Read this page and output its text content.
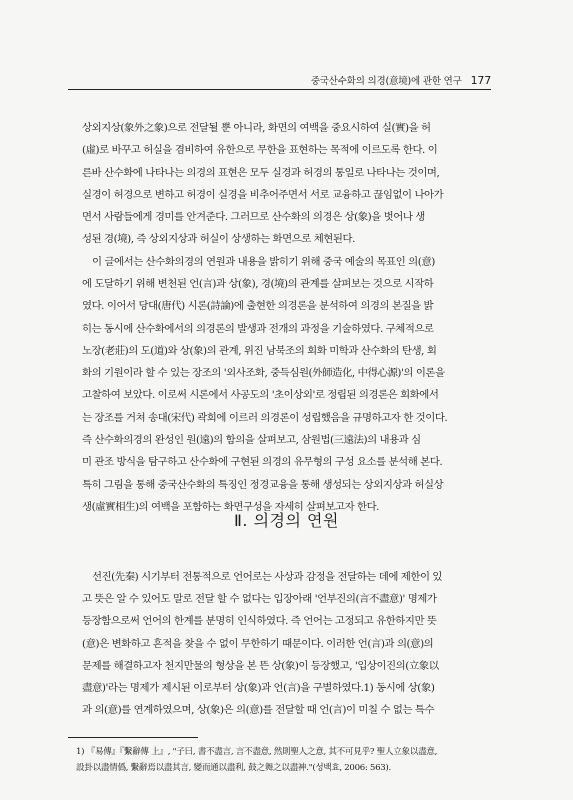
중국산수화의 의경(意境)에 관한 연구 177

상외지상(象外之象)으로 전달될 뿐 아니라, 화면의 여백을 중요시하여 실(實)을 허
(虛)로 바꾸고 허실을 겸비하여 유한으로 무한을 표현하는 목적에 이르도록 한다. 이
른바 산수화에 나타나는 의경의 표현은 모두 실경과 허경의 통일로 나타나는 것이며,
실경이 허경으로 변하고 허경이 실경을 비추어주면서 서로 교융하고 끊임없이 나아가
면서 사람들에게 경미를 안겨준다. 그러므로 산수화의 의경은 상(象)을 벗어나 생
성된 경(境), 즉 상외지상과 허실이 상생하는 화면으로 체현된다.

이 글에서는 산수화의경의 연원과 내용을 밝히기 위해 중국 예술의 목표인 의(意)

에 도달하기 위해 변천된 언(言)과 상(象), 경(境)의 관계를 살펴보는 것으로 시작하
였다. 이어서 당대(唐代) 시론(詩論)에 출현한 의경론을 분석하여 의경의 본질을 밝
히는 동시에 산수화에서의 의경론의 발생과 전개의 과정을 기술하였다. 구체적으로
노장(老莊)의 도(道)와 상(象)의 관계, 위진 남북조의 회화 미학과 산수화의 탄생, 회
화의 기원이라 할 수 있는 장조의 '외사조화, 중득심원(外師造化, 中得心源)'의 이론을
고찰하여 보았다. 이로써 시론에서 사공도의 '초이상외'로 정립된 의경론은 회화에서
는 장조를 거쳐 송대(宋代) 곽희에 이르러 의경론이 성립했음을 규명하고자 한 것이다.
즉 산수화의경의 완성인 원(遠)의 함의을 살펴보고, 삼원법(三遠法)의 내용과 심
미 관조 방식을 탐구하고 산수화에 구현된 의경의 유무형의 구성 요소를 분석해 본다.
특히 그림을 통해 중국산수화의 특징인 정경교융을 통해 생성되는 상외지상과 허실상
생(虛實相生)의 여백을 포함하는 화면구성을 자세히 살펴보고자 한다.

Ⅱ. 의경의 연원

선진(先秦) 시기부터 전통적으로 언어로는 사상과 감정을 전달하는 데에 제한이 있

고 뜻은 알 수 있어도 말로 전달 할 수 없다는 입장아래 '언부진의(言不盡意)' 명제가
등장함으로써 언어의 한계를 분명히 인식하였다. 즉 언어는 고정되고 유한하지만 뜻
(意)은 변화하고 흔적을 찾을 수 없이 무한하기 때문이다. 이러한 언(言)과 의(意)의
문제를 해결하고자 천지만물의 형상을 본 뜬 상(象)이 등장했고, '입상이진의(立象以
盡意)'라는 명제가 제시된 이로부터 상(象)과 언(言)을 구별하였다.1) 동시에 상(象)
과 의(意)를 연계하였으며, 상(象)은 의(意)를 전달할 때 언(言)이 미칠 수 없는 특수

1) 『易傳』『繫辭傳 上』, "子曰, 書不盡言, 言不盡意, 然則聖人之意, 其不可見乎? 聖人立象以盡意,
設卦以盡情僞, 繫辭焉以盡其言, 變而通以盡利, 鼓之舞之以盡神."(성백효, 2006: 563).
